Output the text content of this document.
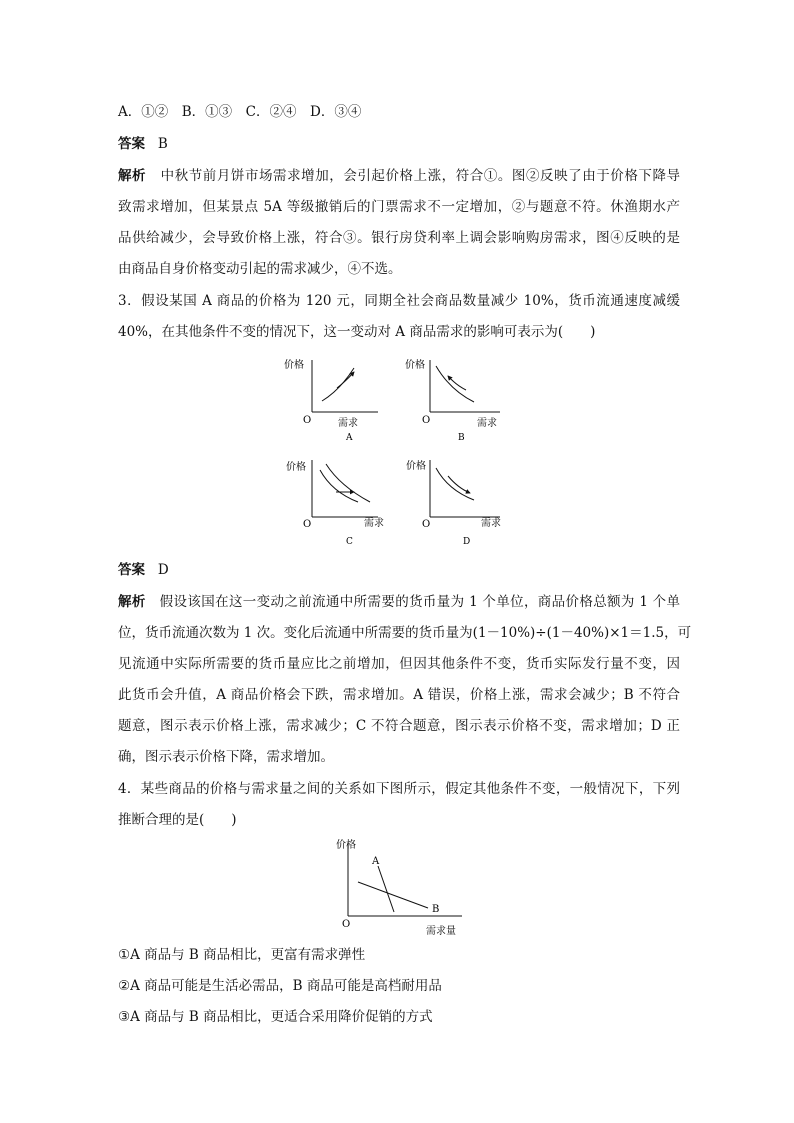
A．①②　B．①③　C．②④　D．③④
答案 B
解析 中秋节前月饼市场需求增加，会引起价格上涨，符合①。图②反映了由于价格下降导
致需求增加，但某景点 5A 等级撤销后的门票需求不一定增加，②与题意不符。休渔期水产
品供给减少，会导致价格上涨，符合③。银行房贷利率上调会影响购房需求，图④反映的是
由商品自身价格变动引起的需求减少，④不选。
3．假设某国 A 商品的价格为 120 元，同期全社会商品数量减少 10%，货币流通速度减缓
40%，在其他条件不变的情况下，这一变动对 A 商品需求的影响可表示为(　　)
价格
O	需求
A
价格
O	需求
B
价格
O	需求
C
价格
O	需求
D
答案 D
解析 假设该国在这一变动之前流通中所需要的货币量为 1 个单位，商品价格总额为 1 个单
位，货币流通次数为 1 次。变化后流通中所需要的货币量为(1－10%)÷(1－40%)×1＝1.5，可
见流通中实际所需要的货币量应比之前增加，但因其他条件不变，货币实际发行量不变，因
此货币会升值，A 商品价格会下跌，需求增加。A 错误，价格上涨，需求会减少；B 不符合
题意，图示表示价格上涨，需求减少；C 不符合题意，图示表示价格不变，需求增加；D 正
确，图示表示价格下降，需求增加。
4．某些商品的价格与需求量之间的关系如下图所示，假定其他条件不变，一般情况下，下列
推断合理的是(　　)
价格
O
需求量
A
B
①A 商品与 B 商品相比，更富有需求弹性
②A 商品可能是生活必需品，B 商品可能是高档耐用品
③A 商品与 B 商品相比，更适合采用降价促销的方式
